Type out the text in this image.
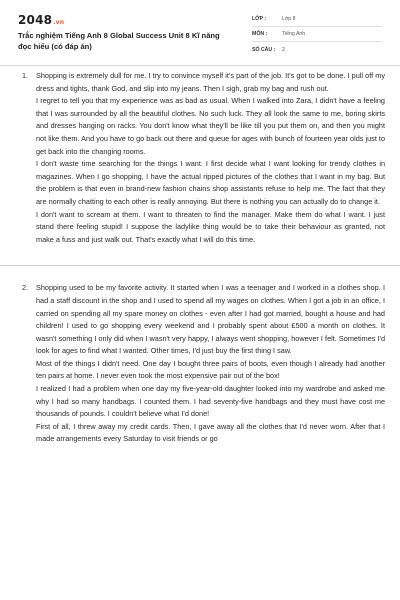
2048.vn
Trắc nghiệm Tiếng Anh 8 Global Success Unit 8 Kĩ năng đọc hiểu (có đáp án)
LỚP :	Lớp 8
MÔN :	Tiếng Anh
SỐ CÂU :	2
1.	Shopping is extremely dull for me. I try to convince myself it's part of the job. It's got to be done. I pull off my dress and tights, thank God, and slip into my jeans. Then I sigh, grab my bag and rush out.

I regret to tell you that my experience was as bad as usual. When I walked into Zara, I didn't have a feeling that I was surrounded by all the beautiful clothes. No such luck. They all look the same to me, boring skirts and dresses hanging on racks. You don't know what they'll be like till you put them on, and then you might not like them. And you have to go back out there and queue for ages with bunch of fourteen year olds just to get back into the changing rooms.

I don't waste time searching for the things I want. I first decide what I want looking for trendy clothes in magazines. When I go shopping, I have the actual ripped pictures of the clothes that I want in my bag. But the problem is that even in brand-new fashion chains shop assistants refuse to help me. The fact that they are normally chatting to each other is really annoying. But there is nothing you can actually do to change it.

I don't want to scream at them. I want to threaten to find the manager. Make them do what I want. I just stand there feeling stupid! I suppose the ladylike thing would be to take their behaviour as granted, not make a fuss and just walk out. That's exactly what I will do this time.

2.	Shopping used to be my favorite activity. It started when I was a teenager and I worked in a clothes shop. I had a staff discount in the shop and I used to spend all my wages on clothes. When I got a job in an office, I carried on spending all my spare money on clothes - even after I had got married, bought a house and had children! I used to go shopping every weekend and I probably spent about £500 a month on clothes. It wasn't something I only did when I wasn't very happy, I always went shopping, however I felt. Sometimes I'd look for ages to find what I wanted. Other times, I'd just buy the first thing I saw.

Most of the things I didn't need. One day I bought three pairs of boots, even though I already had another ten pairs at home. I never even took the most expensive pair out of the box!

I realized I had a problem when one day my five-year-old daughter looked into my wardrobe and asked me why I had so many handbags. I counted them. I had seventy-five handbags and they must have cost me thousands of pounds. I couldn't believe what I'd done!

First of all, I threw away my credit cards. Then, I gave away all the clothes that I'd never worn. After that I made arrangements every Saturday to visit friends or go
